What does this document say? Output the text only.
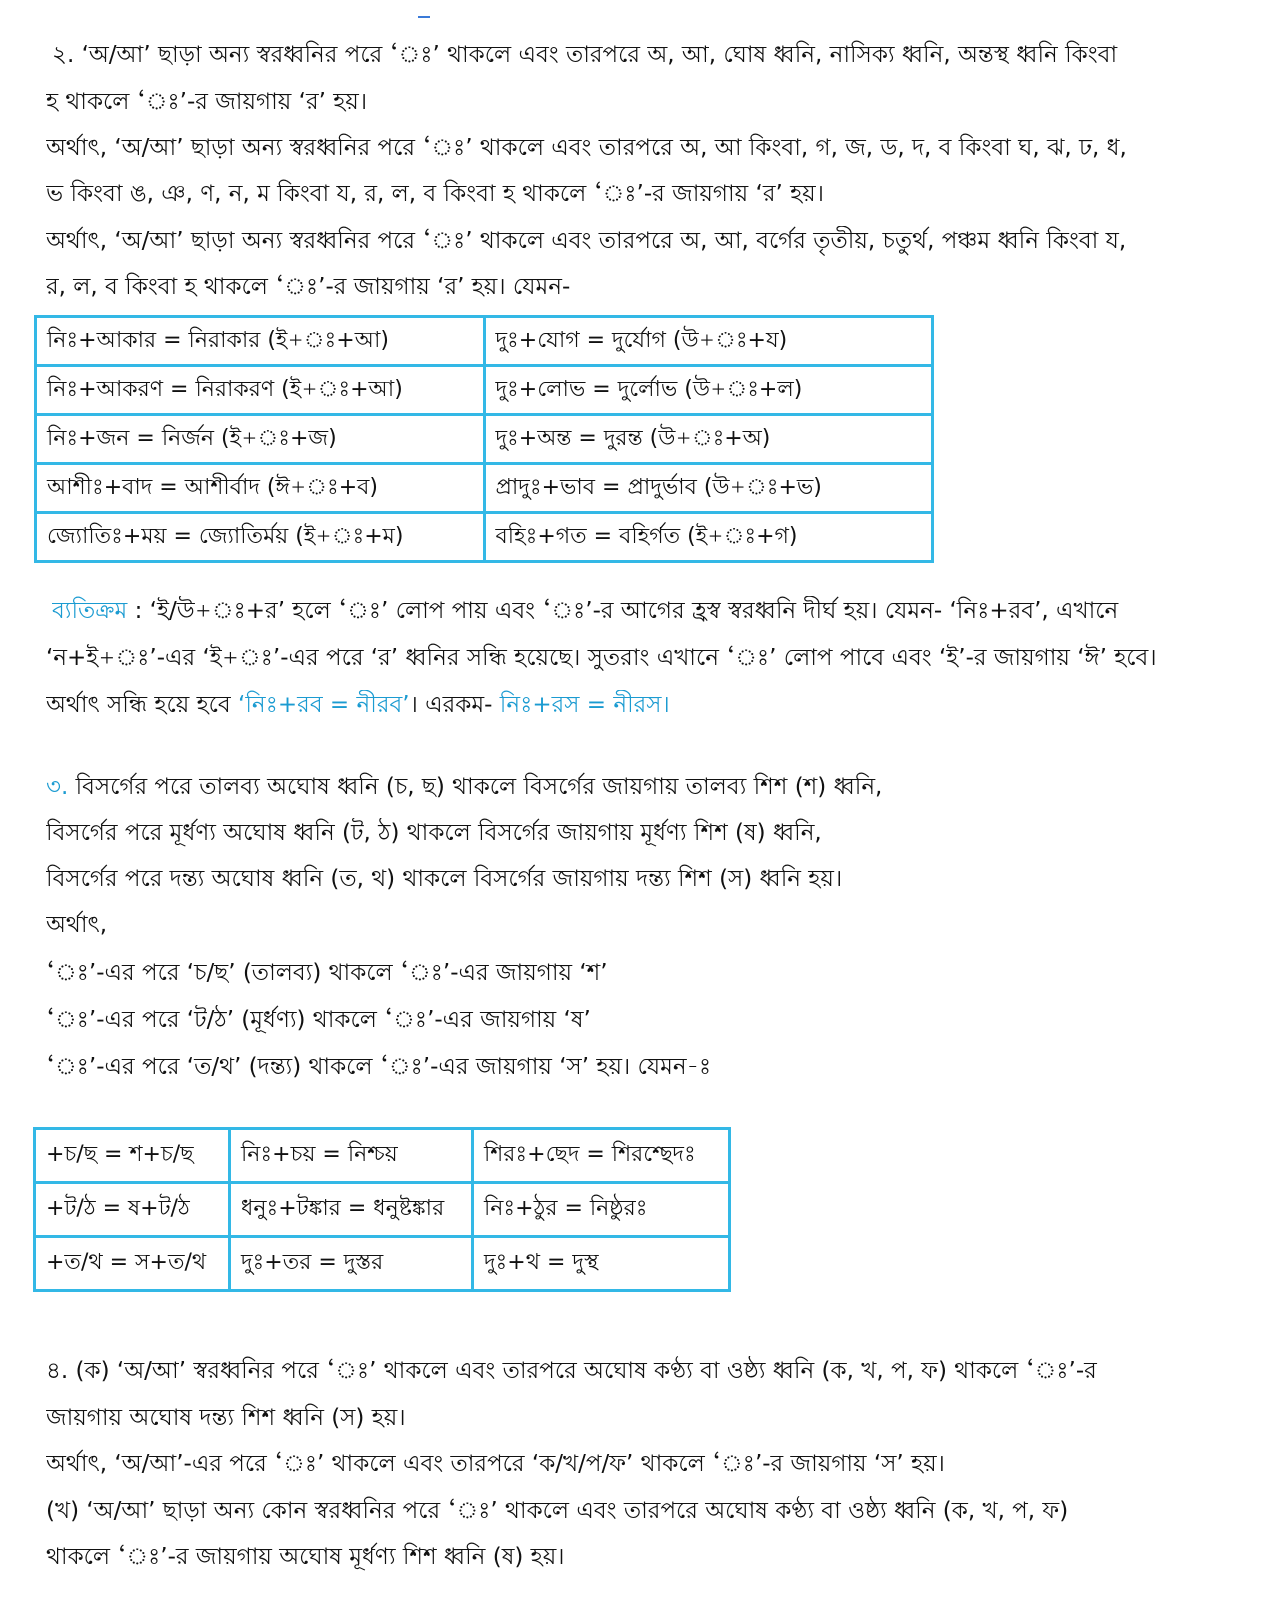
২. ‘অ/আ’ ছাড়া অন্য স্বরধ্বনির পরে ‘ঃ’ থাকলে এবং তারপরে অ, আ, ঘোষ ধ্বনি, নাসিক্য ধ্বনি, অন্তস্থ ধ্বনি কিংবা
হ থাকলে ‘ঃ’-র জায়গায় ‘র’ হয়।
অর্থাৎ, ‘অ/আ’ ছাড়া অন্য স্বরধ্বনির পরে ‘ঃ’ থাকলে এবং তারপরে অ, আ কিংবা, গ, জ, ড, দ, ব কিংবা ঘ, ঝ, ঢ, ধ,
ভ কিংবা ঙ, ঞ, ণ, ন, ম কিংবা য, র, ল, ব কিংবা হ থাকলে ‘ঃ’-র জায়গায় ‘র’ হয়।
অর্থাৎ, ‘অ/আ’ ছাড়া অন্য স্বরধ্বনির পরে ‘ঃ’ থাকলে এবং তারপরে অ, আ, বর্গের তৃতীয়, চতুর্থ, পঞ্চম ধ্বনি কিংবা য,
র, ল, ব কিংবা হ থাকলে ‘ঃ’-র জায়গায় ‘র’ হয়। যেমন-
নিঃ+আকার = নিরাকার (ই+ঃ+আ)	দুঃ+যোগ = দুর্যোগ (উ+ঃ+য)
নিঃ+আকরণ = নিরাকরণ (ই+ঃ+আ)	দুঃ+লোভ = দুর্লোভ (উ+ঃ+ল)
নিঃ+জন = নির্জন (ই+ঃ+জ)	দুঃ+অন্ত = দুরন্ত (উ+ঃ+অ)
আশীঃ+বাদ = আশীর্বাদ (ঈ+ঃ+ব)	প্রাদুঃ+ভাব = প্রাদুর্ভাব (উ+ঃ+ভ)
জ্যোতিঃ+ময় = জ্যোতির্ময় (ই+ঃ+ম)	বহিঃ+গত = বহির্গত (ই+ঃ+গ)
ব্যতিক্রম : ‘ই/উ+ঃ+র’ হলে ‘ঃ’ লোপ পায় এবং ‘ঃ’-র আগের হ্রস্ব স্বরধ্বনি দীর্ঘ হয়। যেমন- ‘নিঃ+রব’, এখানে
‘ন+ই+ঃ’-এর ‘ই+ঃ’-এর পরে ‘র’ ধ্বনির সন্ধি হয়েছে। সুতরাং এখানে ‘ঃ’ লোপ পাবে এবং ‘ই’-র জায়গায় ‘ঈ’ হবে।
অর্থাৎ সন্ধি হয়ে হবে ‘নিঃ+রব = নীরব’। এরকম- নিঃ+রস = নীরস।
৩. বিসর্গের পরে তালব্য অঘোষ ধ্বনি (চ, ছ) থাকলে বিসর্গের জায়গায় তালব্য শিশ (শ) ধ্বনি,
বিসর্গের পরে মূর্ধণ্য অঘোষ ধ্বনি (ট, ঠ) থাকলে বিসর্গের জায়গায় মূর্ধণ্য শিশ (ষ) ধ্বনি,
বিসর্গের পরে দন্ত্য অঘোষ ধ্বনি (ত, থ) থাকলে বিসর্গের জায়গায় দন্ত্য শিশ (স) ধ্বনি হয়।
অর্থাৎ,
‘ঃ’-এর পরে ‘চ/ছ’ (তালব্য) থাকলে ‘ঃ’-এর জায়গায় ‘শ’
‘ঃ’-এর পরে ‘ট/ঠ’ (মূর্ধণ্য) থাকলে ‘ঃ’-এর জায়গায় ‘ষ’
‘ঃ’-এর পরে ‘ত/থ’ (দন্ত্য) থাকলে ‘ঃ’-এর জায়গায় ‘স’ হয়। যেমন-ঃ
+চ/ছ = শ+চ/ছ	নিঃ+চয় = নিশ্চয়	শিরঃ+ছেদ = শিরশ্ছেদঃ
+ট/ঠ = ষ+ট/ঠ	ধনুঃ+টঙ্কার = ধনুষ্টঙ্কার	নিঃ+ঠুর = নিষ্ঠুরঃ
+ত/থ = স+ত/থ	দুঃ+তর = দুস্তর	দুঃ+থ = দুস্থ
৪. (ক) ‘অ/আ’ স্বরধ্বনির পরে ‘ঃ’ থাকলে এবং তারপরে অঘোষ কণ্ঠ্য বা ওষ্ঠ্য ধ্বনি (ক, খ, প, ফ) থাকলে ‘ঃ’-র
জায়গায় অঘোষ দন্ত্য শিশ ধ্বনি (স) হয়।
অর্থাৎ, ‘অ/আ’-এর পরে ‘ঃ’ থাকলে এবং তারপরে ‘ক/খ/প/ফ’ থাকলে ‘ঃ’-র জায়গায় ‘স’ হয়।
(খ) ‘অ/আ’ ছাড়া অন্য কোন স্বরধ্বনির পরে ‘ঃ’ থাকলে এবং তারপরে অঘোষ কণ্ঠ্য বা ওষ্ঠ্য ধ্বনি (ক, খ, প, ফ)
থাকলে ‘ঃ’-র জায়গায় অঘোষ মূর্ধণ্য শিশ ধ্বনি (ষ) হয়।
